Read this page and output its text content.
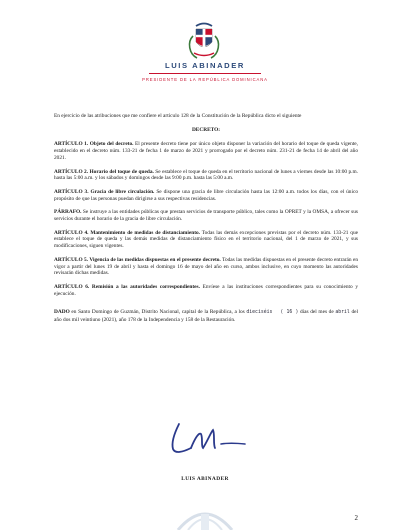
LUIS ABINADER
PRESIDENTE DE LA REPÚBLICA DOMINICANA

En ejercicio de las atribuciones que me confiere el artículo 128 de la Constitución de la República dicto el siguiente

DECRETO:

ARTÍCULO 1. Objeto del decreto. El presente decreto tiene por único objeto disponer la variación del horario del toque de queda vigente, establecido en el decreto núm. 133-21 de fecha 1 de marzo de 2021 y prorrogado por el decreto núm. 231-21 de fecha 14 de abril del año 2021.

ARTÍCULO 2. Horario del toque de queda. Se establece el toque de queda en el territorio nacional de lunes a viernes desde las 10:00 p.m. hasta las 5:00 a.m. y los sábados y domingos desde las 9:00 p.m. hasta las 5:00 a.m.

ARTÍCULO 3. Gracia de libre circulación. Se dispone una gracia de libre circulación hasta las 12:00 a.m. todos los días, con el único propósito de que las personas puedan dirigirse a sus respectivas residencias.

PÁRRAFO. Se instruye a las entidades públicas que prestan servicios de transporte público, tales como la OPRET y la OMSA, a ofrecer sus servicios durante el horario de la gracia de libre circulación.

ARTÍCULO 4. Mantenimiento de medidas de distanciamiento. Todas las demás excepciones previstas por el decreto núm. 133-21 que establece el toque de queda y las demás medidas de distanciamiento físico en el territorio nacional, del 1 de marzo de 2021, y sus modificaciones, siguen vigentes.

ARTÍCULO 5. Vigencia de las medidas dispuestas en el presente decreto. Todas las medidas dispuestas en el presente decreto entrarán en vigor a partir del lunes 19 de abril y hasta el domingo 16 de mayo del año en curso, ambos inclusive, en cuyo momento las autoridades revisarán dichas medidas.

ARTÍCULO 6. Remisión a las autoridades correspondientes. Envíese a las instituciones correspondientes para su conocimiento y ejecución.

DADO en Santo Domingo de Guzmán, Distrito Nacional, capital de la República, a los dieciséis ( 16 ) días del mes de abril del año dos mil veintiuno (2021), año 178 de la Independencia y 158 de la Restauración.

LUIS ABINADER
2
